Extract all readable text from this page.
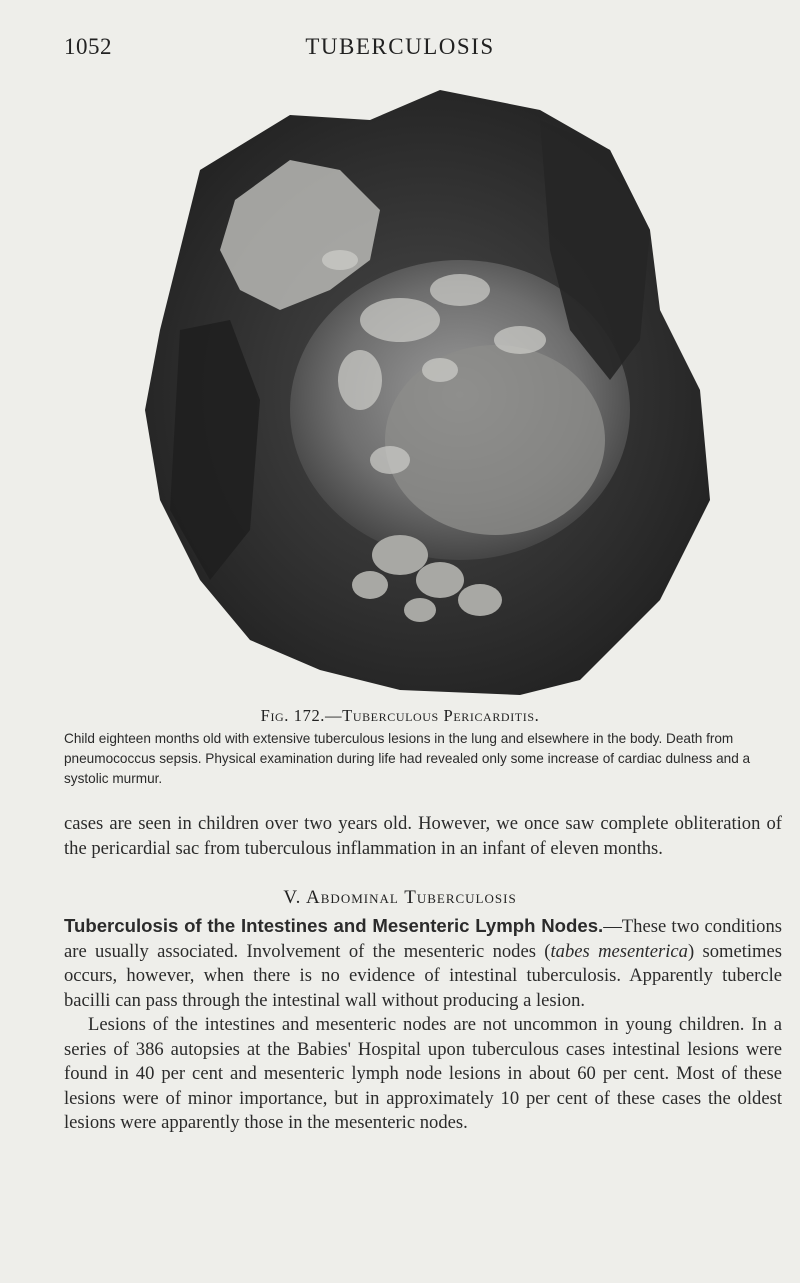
1052	TUBERCULOSIS
Fig. 172.—Tuberculous Pericarditis.
Child eighteen months old with extensive tuberculous lesions in the lung and elsewhere in the body. Death from pneumococcus sepsis. Physical examination during life had revealed only some increase of cardiac dulness and a systolic murmur.
cases are seen in children over two years old. However, we once saw complete obliteration of the pericardial sac from tuberculous inflammation in an infant of eleven months.
V. Abdominal Tuberculosis
Tuberculosis of the Intestines and Mesenteric Lymph Nodes.—These two conditions are usually associated. Involvement of the mesenteric nodes (tabes mesenterica) sometimes occurs, however, when there is no evidence of intestinal tuberculosis. Apparently tubercle bacilli can pass through the intestinal wall without producing a lesion.
Lesions of the intestines and mesenteric nodes are not uncommon in young children. In a series of 386 autopsies at the Babies' Hospital upon tuberculous cases intestinal lesions were found in 40 per cent and mesenteric lymph node lesions in about 60 per cent. Most of these lesions were of minor importance, but in approximately 10 per cent of these cases the oldest lesions were apparently those in the mesenteric nodes.
